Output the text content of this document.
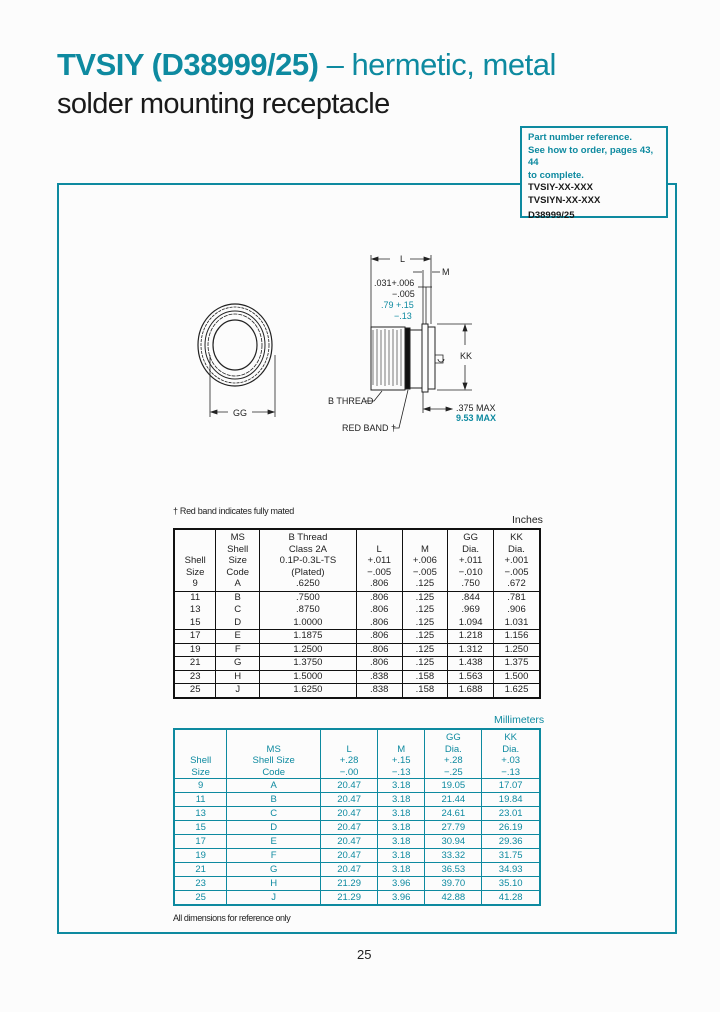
TVSIY (D38999/25) – hermetic, metal
solder mounting receptacle
Part number reference.
See how to order, pages 43, 44
to complete.
TVSIY-XX-XXX
TVSIYN-XX-XXX
D38999/25
GG
L
M
.031+.006
−.005
.79 +.15
−.13
KK
.375 MAX
9.53 MAX
B THREAD
RED BAND †
† Red band indicates fully mated
Inches

Shell
Size

MS
Shell
Size
Code

B Thread
Class 2A
0.1P-0.3L-TS
(Plated)

L
+.011
−.005

M
+.006
−.005

GG
Dia.
+.011
−.010

KK
Dia.
+.001
−.005

9	A	.6250	.806	.125	.750	.672
11	B	.7500	.806	.125	.844	.781
13	C	.8750	.806	.125	.969	.906
15	D	1.0000	.806	.125	1.094	1.031
17	E	1.1875	.806	.125	1.218	1.156
19	F	1.2500	.806	.125	1.312	1.250
21	G	1.3750	.806	.125	1.438	1.375
23	H	1.5000	.838	.158	1.563	1.500
25	J	1.6250	.838	.158	1.688	1.625
Millimeters

Shell
Size

MS
Shell Size
Code

L
+.28
−.00

M
+.15
−.13

GG
Dia.
+.28
−.25

KK
Dia.
+.03
−.13

9	A	20.47	3.18	19.05	17.07
11	B	20.47	3.18	21.44	19.84
13	C	20.47	3.18	24.61	23.01
15	D	20.47	3.18	27.79	26.19
17	E	20.47	3.18	30.94	29.36
19	F	20.47	3.18	33.32	31.75
21	G	20.47	3.18	36.53	34.93
23	H	21.29	3.96	39.70	35.10
25	J	21.29	3.96	42.88	41.28
All dimensions for reference only
25
